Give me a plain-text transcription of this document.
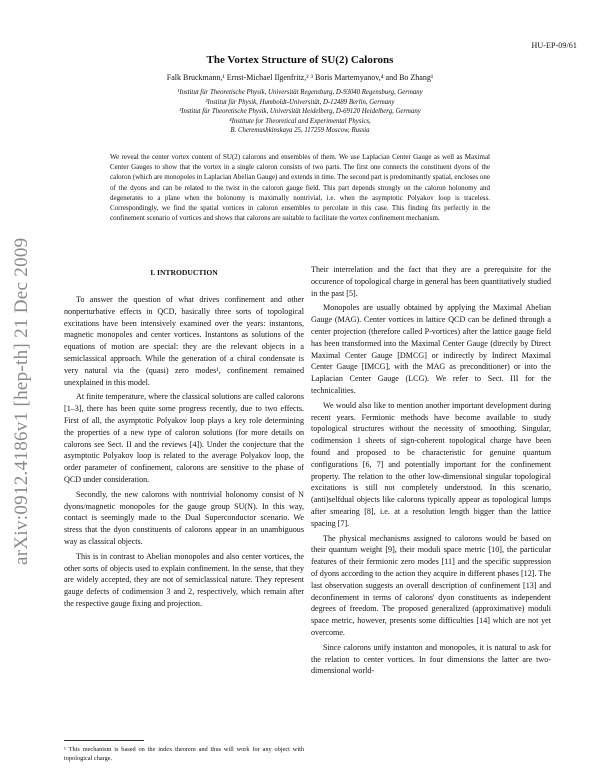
HU-EP-09/61
arXiv:0912.4186v1 [hep-th] 21 Dec 2009
The Vortex Structure of SU(2) Calorons
Falk Bruckmann,¹ Ernst-Michael Ilgenfritz,² ³ Boris Martemyanov,⁴ and Bo Zhang¹
¹Institut für Theoretische Physik, Universität Regensburg, D-93040 Regensburg, Germany
²Institut für Physik, Humboldt-Universität, D-12489 Berlin, Germany
³Institut für Theoretische Physik, Universität Heidelberg, D-69120 Heidelberg, Germany
⁴Institute for Theoretical and Experimental Physics,
B. Cheremushkinskaya 25, 117259 Moscow, Russia
We reveal the center vortex content of SU(2) calorons and ensembles of them. We use Laplacian Center Gauge as well as Maximal Center Gauges to show that the vortex in a single caloron consists of two parts. The first one connects the constituent dyons of the caloron (which are monopoles in Laplacian Abelian Gauge) and extends in time. The second part is predominantly spatial, encloses one of the dyons and can be related to the twist in the caloron gauge field. This part depends strongly on the caloron holonomy and degenerates to a plane when the holonomy is maximally nontrivial, i.e. when the asymptotic Polyakov loop is traceless. Correspondingly, we find the spatial vortices in caloron ensembles to percolate in this case. This finding fits perfectly in the confinement scenario of vortices and shows that calorons are suitable to facilitate the vortex confinement mechanism.
I. INTRODUCTION

To answer the question of what drives confinement and other nonperturbative effects in QCD, basically three sorts of topological excitations have been intensively examined over the years: instantons, magnetic monopoles and center vortices. Instantons as solutions of the equations of motion are special: they are the relevant objects in a semiclassical approach. While the generation of a chiral condensate is very natural via the (quasi) zero modes¹, confinement remained unexplained in this model.

At finite temperature, where the classical solutions are called calorons [1–3], there has been quite some progress recently, due to two effects. First of all, the asymptotic Polyakov loop plays a key role determining the properties of a new type of caloron solutions (for more details on calorons see Sect. II and the reviews [4]). Under the conjecture that the asymptotic Polyakov loop is related to the average Polyakov loop, the order parameter of confinement, calorons are sensitive to the phase of QCD under consideration.

Secondly, the new calorons with nontrivial holonomy consist of N dyons/magnetic monopoles for the gauge group SU(N). In this way, contact is seemingly made to the Dual Superconductor scenario. We stress that the dyon constituents of calorons appear in an unambiguous way as classical objects.

This is in contrast to Abelian monopoles and also center vortices, the other sorts of objects used to explain confinement. In the sense, that they are widely accepted, they are not of semiclassical nature. They represent gauge defects of codimension 3 and 2, respectively, which remain after the respective gauge fixing and projection.

Their interrelation and the fact that they are a prerequisite for the occurence of topological charge in general has been quantitatively studied in the past [5].

Monopoles are usually obtained by applying the Maximal Abelian Gauge (MAG). Center vortices in lattice QCD can be defined through a center projection (therefore called P-vortices) after the lattice gauge field has been transformed into the Maximal Center Gauge (directly by Direct Maximal Center Gauge [DMCG] or indirectly by Indirect Maximal Center Gauge [IMCG], with the MAG as preconditioner) or into the Laplacian Center Gauge (LCG). We refer to Sect. III for the technicalities.

We would also like to mention another important development during recent years. Fermionic methods have become available to study topological structures without the necessity of smoothing. Singular, codimension 1 sheets of sign-coherent topological charge have been found and proposed to be characteristic for genuine quantum configurations [6, 7] and potentially important for the confinement property. The relation to the other low-dimensional singular topological excitations is still not completely understood. In this scenario, (anti)selfdual objects like calorons typically appear as topological lumps after smearing [8], i.e. at a resolution length bigger than the lattice spacing [7].

The physical mechanisms assigned to calorons would be based on their quantum weight [9], their moduli space metric [10], the particular features of their fermionic zero modes [11] and the specific suppression of dyons according to the action they acquire in different phases [12]. The last observation suggests an overall description of confinement [13] and deconfinement in terms of calorons' dyon constituents as independent degrees of freedom. The proposed generalized (approximative) moduli space metric, however, presents some difficulties [14] which are not yet overcome.

Since calorons unify instanton and monopoles, it is natural to ask for the relation to center vortices. In four dimensions the latter are two-dimensional world-

¹ This mechanism is based on the index theorem and thus will work for any object with topological charge.
